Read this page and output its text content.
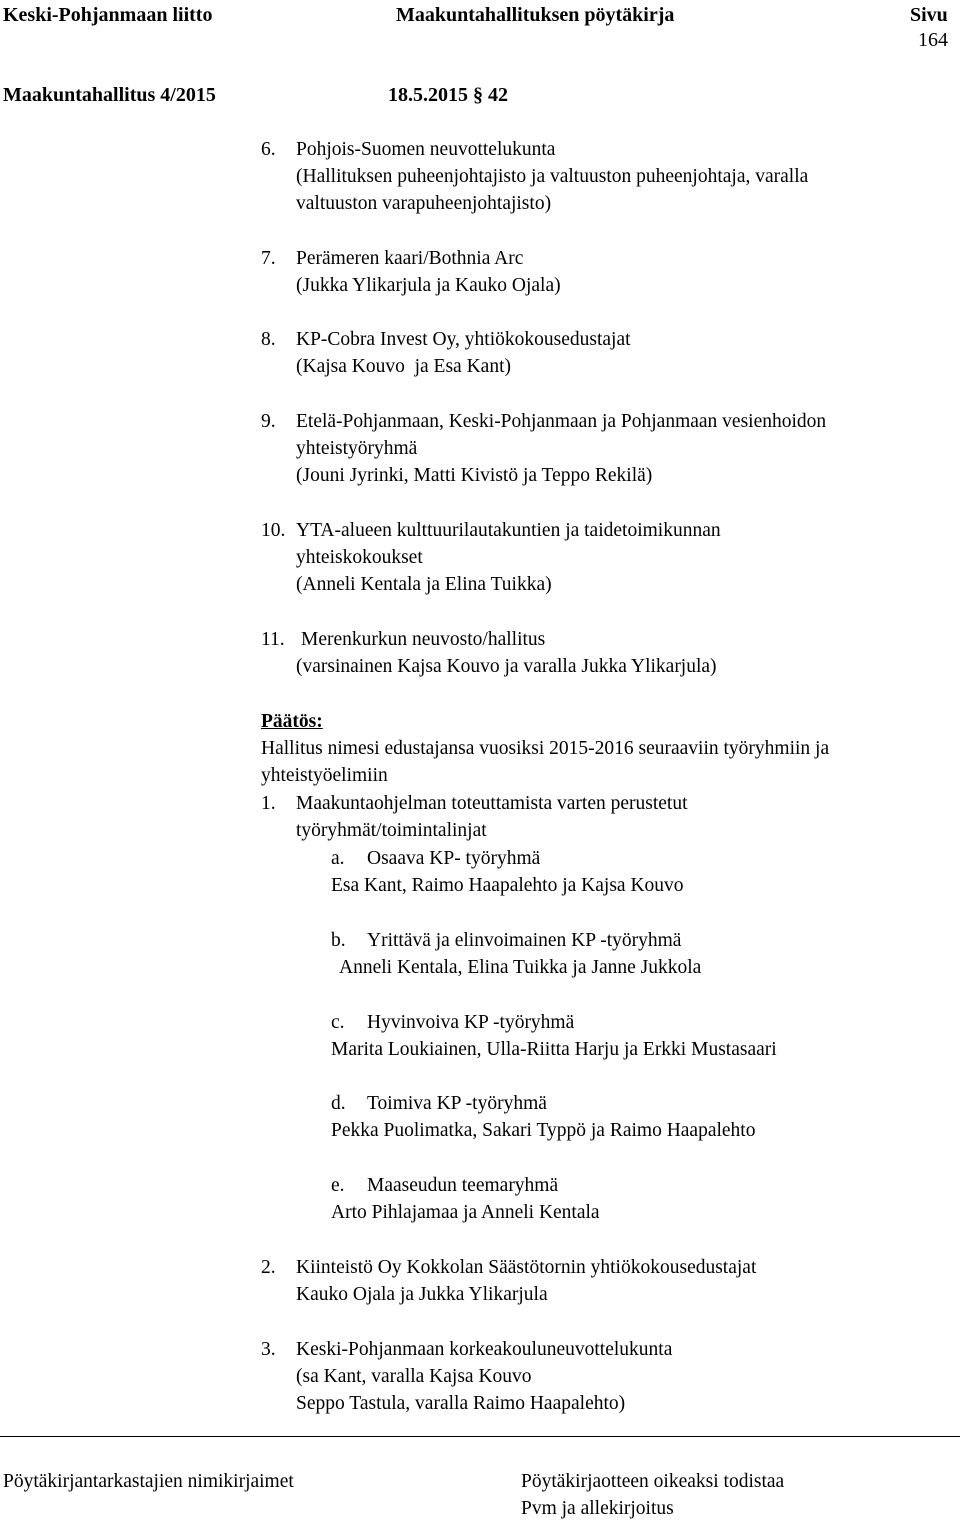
Keski-Pohjanmaan liitto	Maakuntahallituksen pöytäkirja	Sivu
164
Maakuntahallitus 4/2015	18.5.2015 § 42
6. Pohjois-Suomen neuvottelukunta
(Hallituksen puheenjohtajisto ja valtuuston puheenjohtaja, varalla
valtuuston varapuheenjohtajisto)
7. Perämeren kaari/Bothnia Arc
(Jukka Ylikarjula ja Kauko Ojala)
8. KP-Cobra Invest Oy, yhtiökokousedustajat
(Kajsa Kouvo  ja Esa Kant)
9. Etelä-Pohjanmaan, Keski-Pohjanmaan ja Pohjanmaan vesienhoidon
yhteistyöryhmä
(Jouni Jyrinki, Matti Kivistö ja Teppo Rekilä)
10. YTA-alueen kulttuurilautakuntien ja taidetoimikunnan
yhteiskokoukset
(Anneli Kentala ja Elina Tuikka)
11. Merenkurkun neuvosto/hallitus
(varsinainen Kajsa Kouvo ja varalla Jukka Ylikarjula)
Päätös:
Hallitus nimesi edustajansa vuosiksi 2015-2016 seuraaviin työryhmiin ja
yhteistyöelimiin
1. Maakuntaohjelman toteuttamista varten perustetut
työryhmät/toimintalinjat
a. Osaava KP- työryhmä
Esa Kant, Raimo Haapalehto ja Kajsa Kouvo
b. Yrittävä ja elinvoimainen KP -työryhmä
Anneli Kentala, Elina Tuikka ja Janne Jukkola
c. Hyvinvoiva KP -työryhmä
Marita Loukiainen, Ulla-Riitta Harju ja Erkki Mustasaari
d. Toimiva KP -työryhmä
Pekka Puolimatka, Sakari Typpö ja Raimo Haapalehto
e. Maaseudun teemaryhmä
Arto Pihlajamaa ja Anneli Kentala
2. Kiinteistö Oy Kokkolan Säästötornin yhtiökokousedustajat
Kauko Ojala ja Jukka Ylikarjula
3. Keski-Pohjanmaan korkeakouluneuvottelukunta
(sa Kant, varalla Kajsa Kouvo
Seppo Tastula, varalla Raimo Haapalehto)
Pöytäkirjantarkastajien nimikirjaimet	Pöytäkirjaotteen oikeaksi todistaa
Pvm ja allekirjoitus
